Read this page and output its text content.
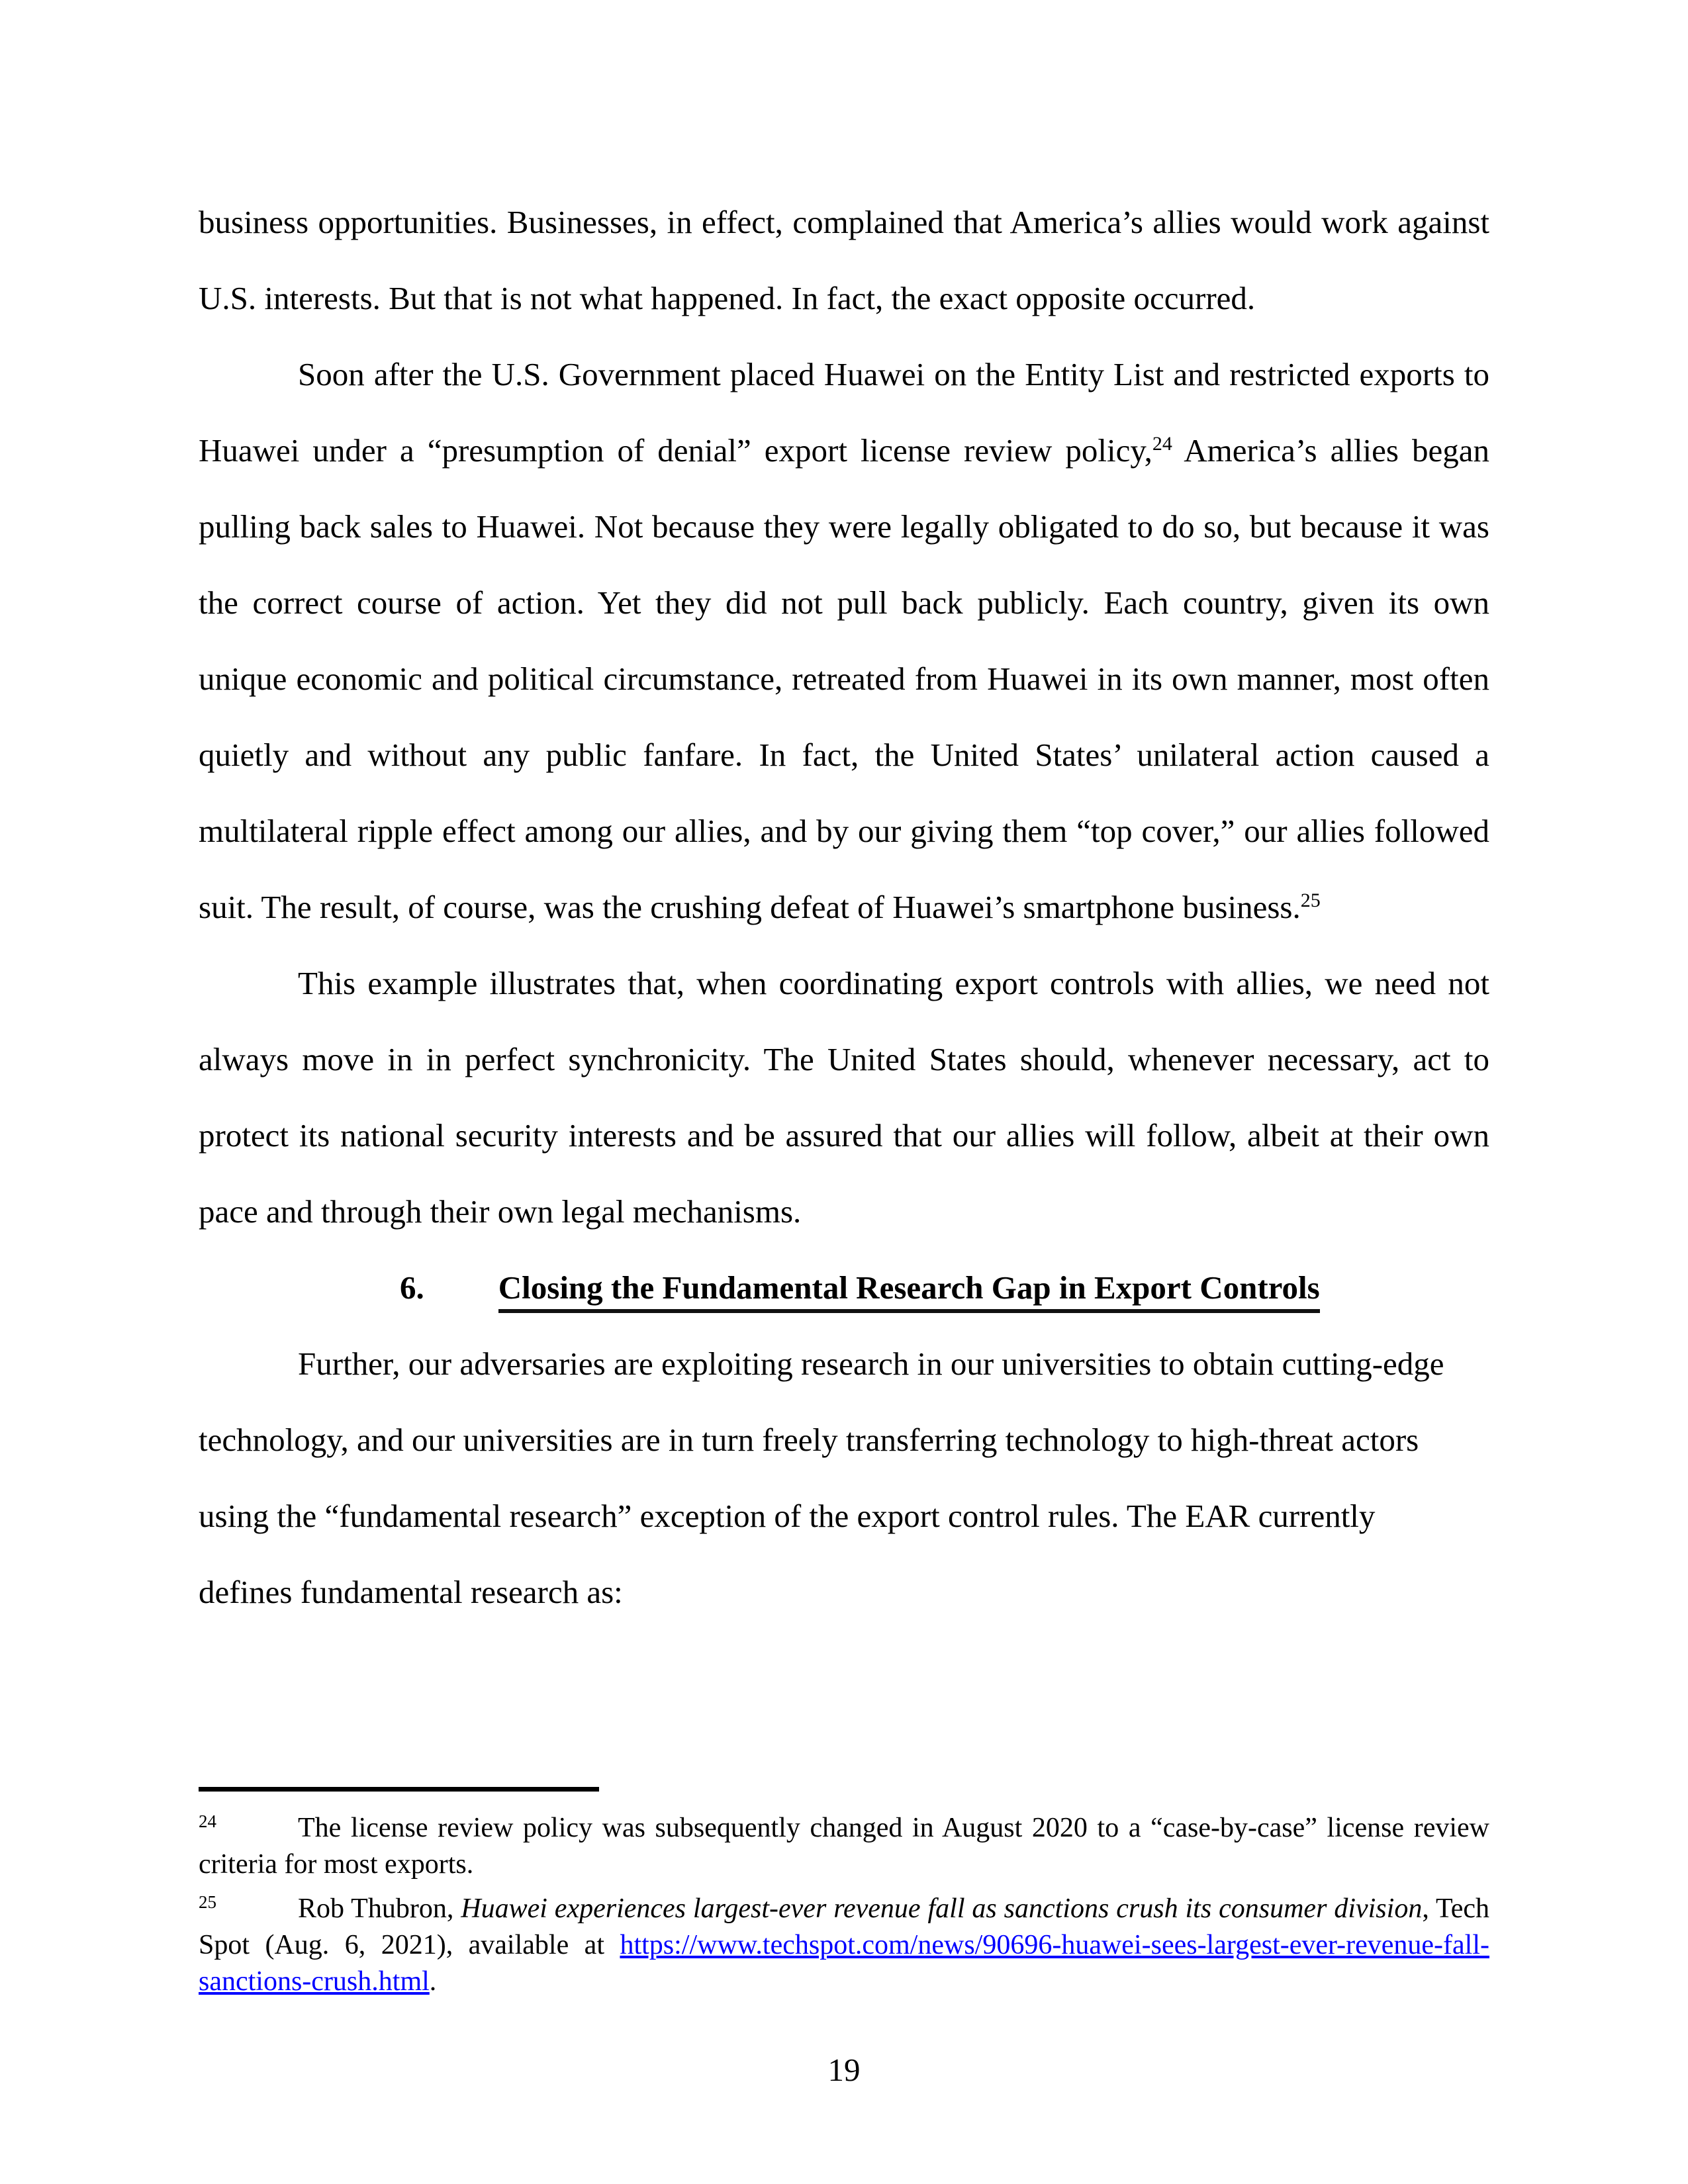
business opportunities. Businesses, in effect, complained that America’s allies would work against
U.S. interests. But that is not what happened. In fact, the exact opposite occurred.
Soon after the U.S. Government placed Huawei on the Entity List and restricted exports to
Huawei under a “presumption of denial” export license review policy,$^{24}$ America’s allies began
pulling back sales to Huawei. Not because they were legally obligated to do so, but because it was
the correct course of action. Yet they did not pull back publicly. Each country, given its own
unique economic and political circumstance, retreated from Huawei in its own manner, most often
quietly and without any public fanfare. In fact, the United States’ unilateral action caused a
multilateral ripple effect among our allies, and by our giving them “top cover,” our allies followed
suit. The result, of course, was the crushing defeat of Huawei’s smartphone business.$^{25}$
This example illustrates that, when coordinating export controls with allies, we need not
always move in in perfect synchronicity. The United States should, whenever necessary, act to
protect its national security interests and be assured that our allies will follow, albeit at their own
pace and through their own legal mechanisms.
6. Closing the Fundamental Research Gap in Export Controls
Further, our adversaries are exploiting research in our universities to obtain cutting-edge
technology, and our universities are in turn freely transferring technology to high-threat actors
using the “fundamental research” exception of the export control rules. The EAR currently
defines fundamental research as:
24	The license review policy was subsequently changed in August 2020 to a “case-by-case” license review
criteria for most exports.
25	Rob Thubron, Huawei experiences largest-ever revenue fall as sanctions crush its consumer division, Tech
Spot (Aug. 6, 2021), available at https://www.techspot.com/news/90696-huawei-sees-largest-ever-revenue-fall-
sanctions-crush.html.
19
